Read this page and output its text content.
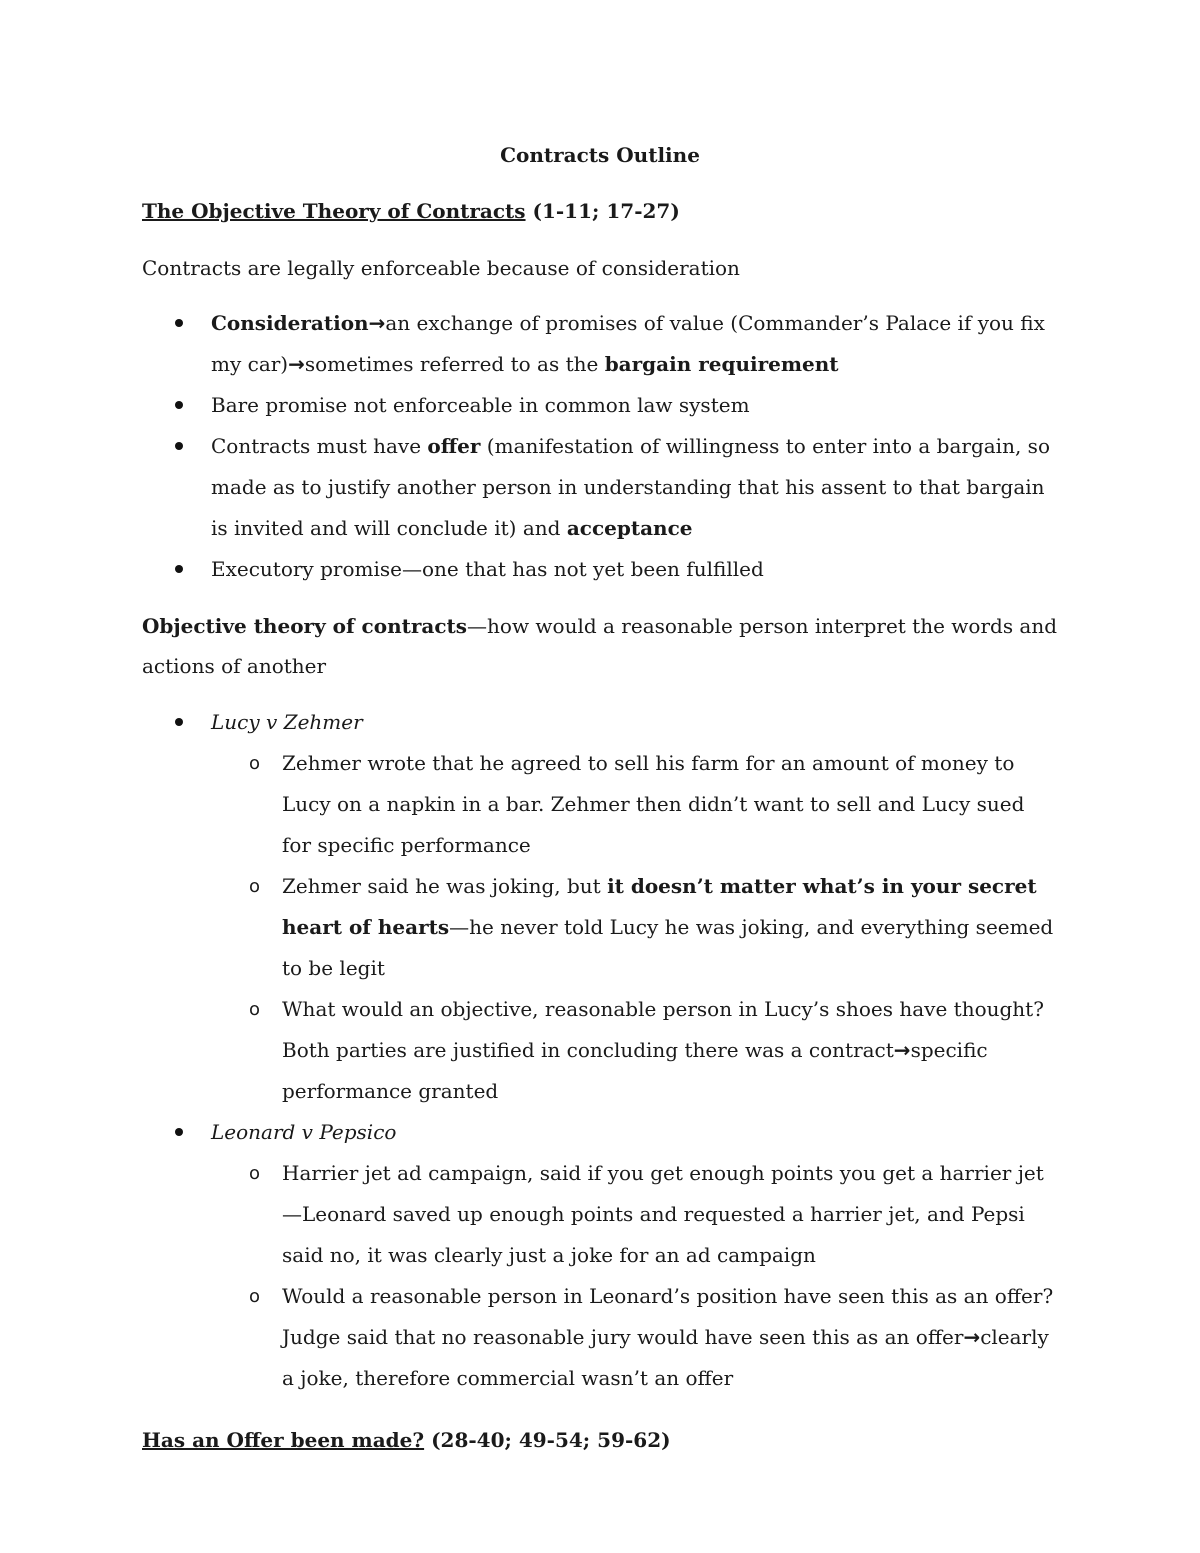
Contracts Outline

The Objective Theory of Contracts (1-11; 17-27)

Contracts are legally enforceable because of consideration

Consideration→an exchange of promises of value (Commander’s Palace if you fix my car)→sometimes referred to as the bargain requirement
Bare promise not enforceable in common law system
Contracts must have offer (manifestation of willingness to enter into a bargain, so made as to justify another person in understanding that his assent to that bargain is invited and will conclude it) and acceptance
Executory promise—one that has not yet been fulfilled

Objective theory of contracts—how would a reasonable person interpret the words and actions of another

Lucy v Zehmer
o Zehmer wrote that he agreed to sell his farm for an amount of money to Lucy on a napkin in a bar. Zehmer then didn’t want to sell and Lucy sued for specific performance
o Zehmer said he was joking, but it doesn’t matter what’s in your secret heart of hearts—he never told Lucy he was joking, and everything seemed to be legit
o What would an objective, reasonable person in Lucy’s shoes have thought? Both parties are justified in concluding there was a contract→specific performance granted
Leonard v Pepsico
o Harrier jet ad campaign, said if you get enough points you get a harrier jet—Leonard saved up enough points and requested a harrier jet, and Pepsi said no, it was clearly just a joke for an ad campaign
o Would a reasonable person in Leonard’s position have seen this as an offer? Judge said that no reasonable jury would have seen this as an offer→clearly a joke, therefore commercial wasn’t an offer

Has an Offer been made? (28-40; 49-54; 59-62)
